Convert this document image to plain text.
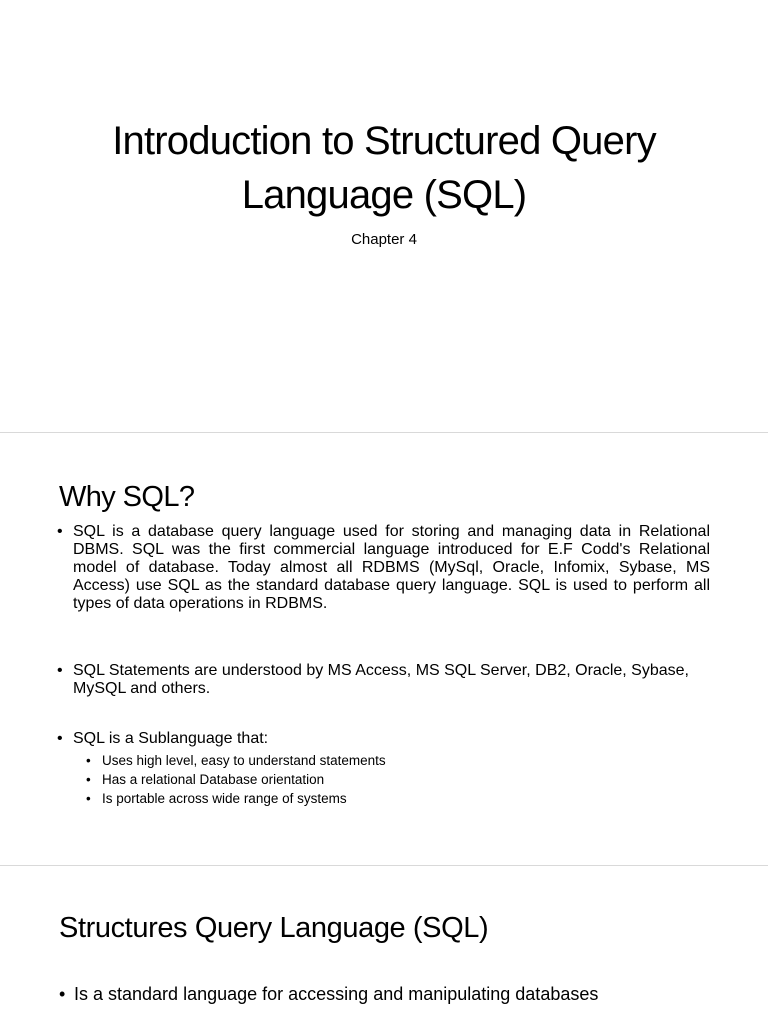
Introduction to Structured Query Language (SQL)

Chapter 4

Why SQL?
• SQL is a database query language used for storing and managing data in Relational DBMS. SQL was the first commercial language introduced for E.F Codd's Relational model of database. Today almost all RDBMS (MySql, Oracle, Infomix, Sybase, MS Access) use SQL as the standard database query language. SQL is used to perform all types of data operations in RDBMS.
• SQL Statements are understood by MS Access, MS SQL Server, DB2, Oracle, Sybase, MySQL and others.
• SQL is a Sublanguage that:
• Uses high level, easy to understand statements
• Has a relational Database orientation
• Is portable across wide range of systems
Structures Query Language (SQL)
• Is a standard language for accessing and manipulating databases
